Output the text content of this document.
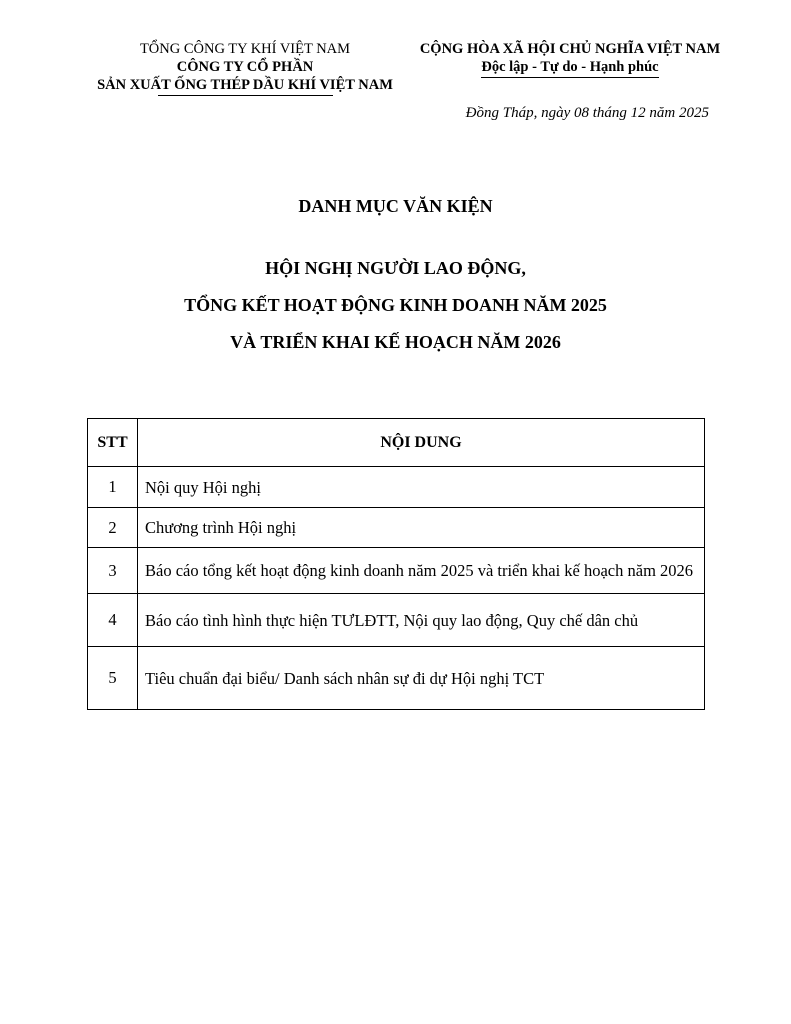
TỔNG CÔNG TY KHÍ VIỆT NAM
CÔNG TY CỔ PHẦN
SẢN XUẤT ỐNG THÉP DẦU KHÍ VIỆT NAM
CỘNG HÒA XÃ HỘI CHỦ NGHĨA VIỆT NAM
Độc lập - Tự do - Hạnh phúc
Đồng Tháp, ngày 08 tháng 12 năm 2025
DANH MỤC VĂN KIỆN
HỘI NGHỊ NGƯỜI LAO ĐỘNG,
TỔNG KẾT HOẠT ĐỘNG KINH DOANH NĂM 2025
VÀ TRIỂN KHAI KẾ HOẠCH NĂM 2026
STT	NỘI DUNG
1	Nội quy Hội nghị
2	Chương trình Hội nghị
3	Báo cáo tổng kết hoạt động kinh doanh năm 2025 và triển khai kế hoạch năm 2026
4	Báo cáo tình hình thực hiện TƯLĐTT, Nội quy lao động, Quy chế dân chủ
5	Tiêu chuẩn đại biểu/ Danh sách nhân sự đi dự Hội nghị TCT
